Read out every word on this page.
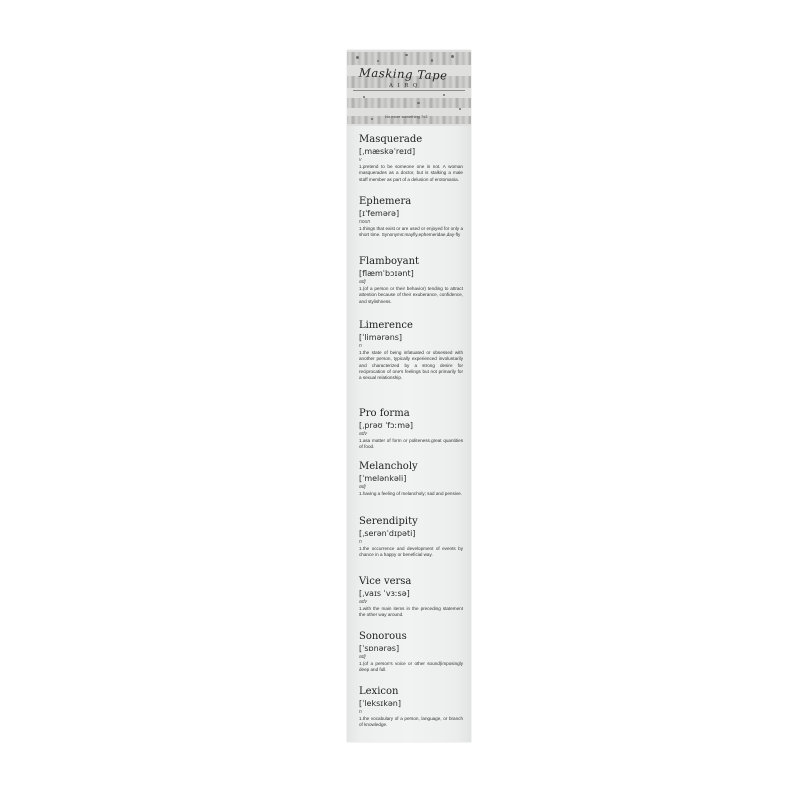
Masking Tape
A I R Q
No more something 7x3
Masquerade
[ˌmæskəˈreɪd]
v
1.pretend to be someone one is not. A woman masquerades as a doctor, but is stalking a male staff member as part of a delusion of erotomania.
Ephemera
[ɪˈfemərə]
noun
1.things that exist or are used or enjoyed for only a short time. Synonyms:mayfly,ephemeridae,day-fly
Flamboyant
[flæmˈbɔɪənt]
adj
1.(of a person or their behavior) tending to attract attention because of their exuberance, confidence, and stylishness.
Limerence
[ˈlimərəns]
n
1.the state of being infatuated or obsessed with another person, typically experienced involuntarily and characterized by a strong desire for reciprocation of one's feelings but not primarily for a sexual relationship.
Pro forma
[ˌprəʊ ˈfɔːmə]
adv
1.asa matter of form or politeness.great quantities of food.
Melancholy
[ˈmelənkəli]
adj
1.having a feeling of melancholy; sad and pensive.
Serendipity
[ˌserənˈdɪpəti]
n
1.the occurrence and development of events by chance in a happy or beneficial way.
Vice versa
[ˌvaɪs ˈvɜːsə]
adv
1.with the main items in the preceding statement the other way around.
Sonorous
[ˈsɒnərəs]
adj
1.(of a person's voice or other sound)imposingly deep and full.
Lexicon
[ˈleksɪkən]
n
1.the vocabulary of a person, language, or branch of knowledge.
